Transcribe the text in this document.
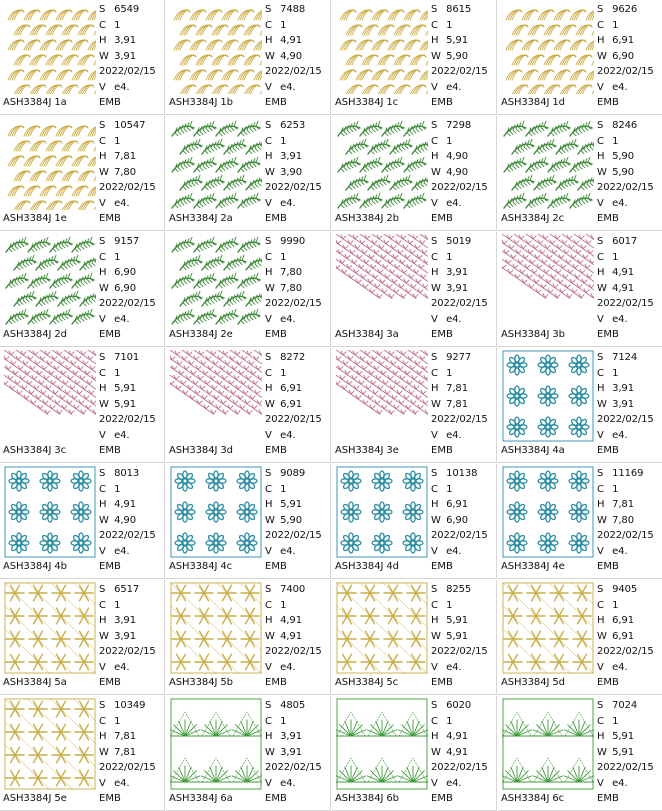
S 6549
C 1
H 3,91
W 3,91
2022/02/15
V e4.
ASH3384J 1a	EMB
S 7488
C 1
H 4,91
W 4,90
2022/02/15
V e4.
ASH3384J 1b	EMB
S 8615
C 1
H 5,91
W 5,90
2022/02/15
V e4.
ASH3384J 1c	EMB
S 9626
C 1
H 6,91
W 6,90
2022/02/15
V e4.
ASH3384J 1d	EMB
S 10547
C 1
H 7,81
W 7,80
2022/02/15
V e4.
ASH3384J 1e	EMB
S 6253
C 1
H 3,91
W 3,90
2022/02/15
V e4.
ASH3384J 2a	EMB
S 7298
C 1
H 4,90
W 4,90
2022/02/15
V e4.
ASH3384J 2b	EMB
S 8246
C 1
H 5,90
W 5,90
2022/02/15
V e4.
ASH3384J 2c	EMB
S 9157
C 1
H 6,90
W 6,90
2022/02/15
V e4.
ASH3384J 2d	EMB
S 9990
C 1
H 7,80
W 7,80
2022/02/15
V e4.
ASH3384J 2e	EMB
S 5019
C 1
H 3,91
W 3,91
2022/02/15
V e4.
ASH3384J 3a	EMB
S 6017
C 1
H 4,91
W 4,91
2022/02/15
V e4.
ASH3384J 3b	EMB
S 7101
C 1
H 5,91
W 5,91
2022/02/15
V e4.
ASH3384J 3c	EMB
S 8272
C 1
H 6,91
W 6,91
2022/02/15
V e4.
ASH3384J 3d	EMB
S 9277
C 1
H 7,81
W 7,81
2022/02/15
V e4.
ASH3384J 3e	EMB
S 7124
C 1
H 3,91
W 3,91
2022/02/15
V e4.
ASH3384J 4a	EMB
S 8013
C 1
H 4,91
W 4,90
2022/02/15
V e4.
ASH3384J 4b	EMB
S 9089
C 1
H 5,91
W 5,90
2022/02/15
V e4.
ASH3384J 4c	EMB
S 10138
C 1
H 6,91
W 6,90
2022/02/15
V e4.
ASH3384J 4d	EMB
S 11169
C 1
H 7,81
W 7,80
2022/02/15
V e4.
ASH3384J 4e	EMB
S 6517
C 1
H 3,91
W 3,91
2022/02/15
V e4.
ASH3384J 5a	EMB
S 7400
C 1
H 4,91
W 4,91
2022/02/15
V e4.
ASH3384J 5b	EMB
S 8255
C 1
H 5,91
W 5,91
2022/02/15
V e4.
ASH3384J 5c	EMB
S 9405
C 1
H 6,91
W 6,91
2022/02/15
V e4.
ASH3384J 5d	EMB
S 10349
C 1
H 7,81
W 7,81
2022/02/15
V e4.
ASH3384J 5e	EMB
S 4805
C 1
H 3,91
W 3,91
2022/02/15
V e4.
ASH3384J 6a	EMB
S 6020
C 1
H 4,91
W 4,91
2022/02/15
V e4.
ASH3384J 6b	EMB
S 7024
C 1
H 5,91
W 5,91
2022/02/15
V e4.
ASH3384J 6c	EMB
